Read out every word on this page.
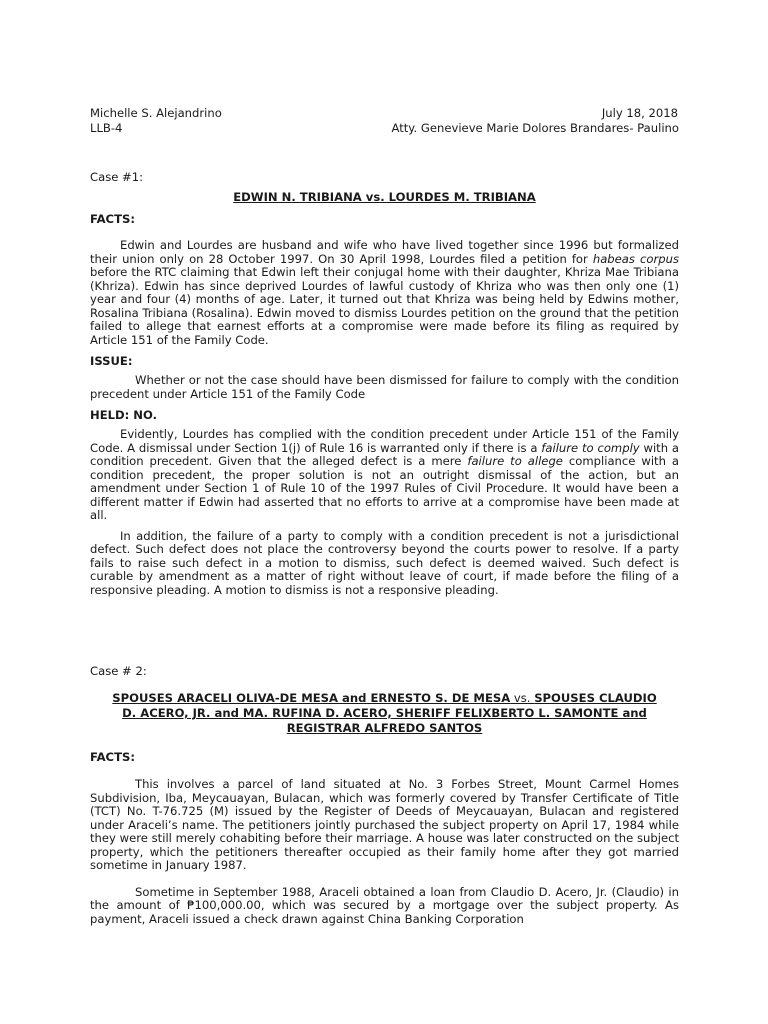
Michelle S. Alejandrino	July 18, 2018
LLB-4	Atty. Genevieve Marie Dolores Brandares- Paulino
Case #1:
EDWIN N. TRIBIANA vs. LOURDES M. TRIBIANA
FACTS:

Edwin and Lourdes are husband and wife who have lived together since 1996 but formalized their union only on 28 October 1997. On 30 April 1998, Lourdes filed a petition for habeas corpus before the RTC claiming that Edwin left their conjugal home with their daughter, Khriza Mae Tribiana (Khriza). Edwin has since deprived Lourdes of lawful custody of Khriza who was then only one (1) year and four (4) months of age. Later, it turned out that Khriza was being held by Edwins mother, Rosalina Tribiana (Rosalina). Edwin moved to dismiss Lourdes petition on the ground that the petition failed to allege that earnest efforts at a compromise were made before its filing as required by Article 151 of the Family Code.

ISSUE:

Whether or not the case should have been dismissed for failure to comply with the condition precedent under Article 151 of the Family Code

HELD: NO.

Evidently, Lourdes has complied with the condition precedent under Article 151 of the Family Code. A dismissal under Section 1(j) of Rule 16 is warranted only if there is a failure to comply with a condition precedent. Given that the alleged defect is a mere failure to allege compliance with a condition precedent, the proper solution is not an outright dismissal of the action, but an amendment under Section 1 of Rule 10 of the 1997 Rules of Civil Procedure. It would have been a different matter if Edwin had asserted that no efforts to arrive at a compromise have been made at all.

In addition, the failure of a party to comply with a condition precedent is not a jurisdictional defect. Such defect does not place the controversy beyond the courts power to resolve. If a party fails to raise such defect in a motion to dismiss, such defect is deemed waived. Such defect is curable by amendment as a matter of right without leave of court, if made before the filing of a responsive pleading. A motion to dismiss is not a responsive pleading.

Case # 2:
SPOUSES ARACELI OLIVA-DE MESA and ERNESTO S. DE MESA vs. SPOUSES CLAUDIO D. ACERO, JR. and MA. RUFINA D. ACERO, SHERIFF FELIXBERTO L. SAMONTE and REGISTRAR ALFREDO SANTOS
FACTS:

This involves a parcel of land situated at No. 3 Forbes Street, Mount Carmel Homes Subdivision, Iba, Meycauayan, Bulacan, which was formerly covered by Transfer Certificate of Title (TCT) No. T-76.725 (M) issued by the Register of Deeds of Meycauayan, Bulacan and registered under Araceli’s name. The petitioners jointly purchased the subject property on April 17, 1984 while they were still merely cohabiting before their marriage. A house was later constructed on the subject property, which the petitioners thereafter occupied as their family home after they got married sometime in January 1987.

Sometime in September 1988, Araceli obtained a loan from Claudio D. Acero, Jr. (Claudio) in the amount of ₱100,000.00, which was secured by a mortgage over the subject property. As payment, Araceli issued a check drawn against China Banking Corporation
